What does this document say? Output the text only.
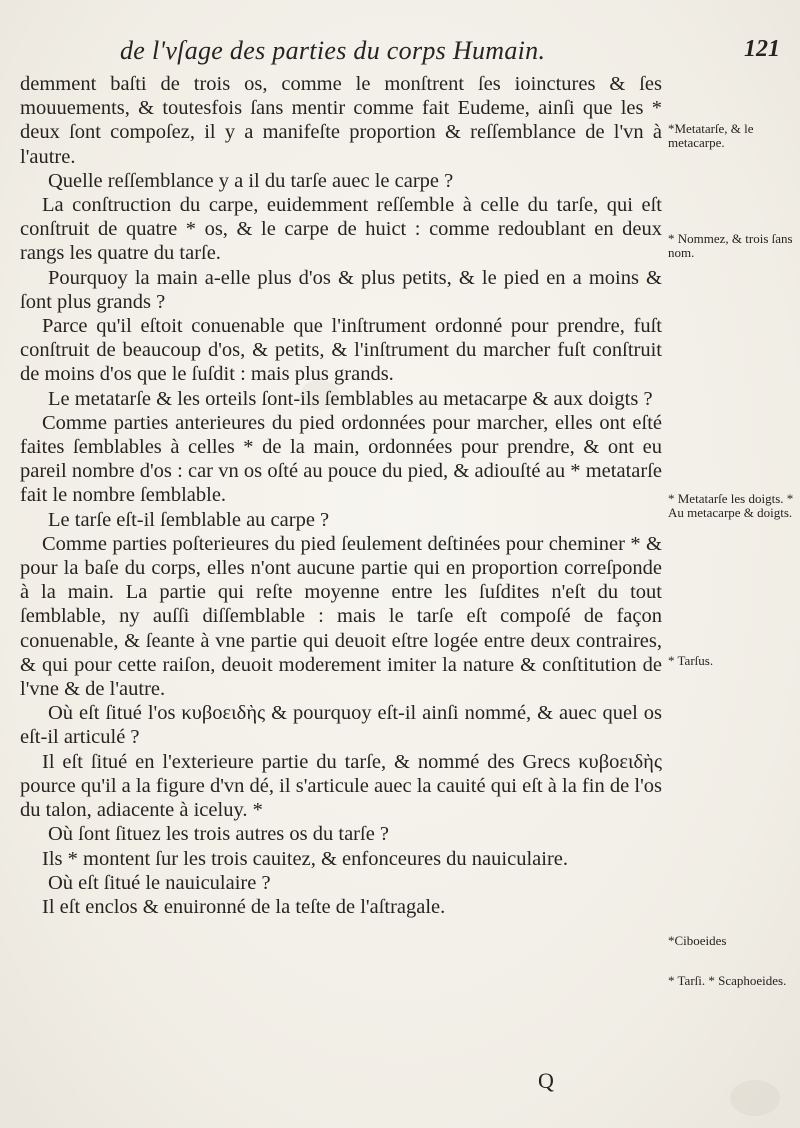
de l'vſage des parties du corps Humain.	121

demment baſti de trois os, comme le monſtrent ſes ioinctures & ſes mouuements, & toutesfois ſans mentir comme fait Eudeme, ainſi que les * deux ſont compoſez, il y a manifeſte proportion & reſſemblance de l'vn à l'autre.

Quelle reſſemblance y a il du tarſe auec le carpe ?

La conſtruction du carpe, euidemment reſſemble à celle du tarſe, qui eſt conſtruit de quatre * os, & le carpe de huict : comme redoublant en deux rangs les quatre du tarſe.

Pourquoy la main a-elle plus d'os & plus petits, & le pied en a moins & ſont plus grands ?

Parce qu'il eſtoit conuenable que l'inſtrument ordonné pour prendre, fuſt conſtruit de beaucoup d'os, & petits, & l'inſtrument du marcher fuſt conſtruit de moins d'os que le ſuſdit : mais plus grands.

Le metatarſe & les orteils ſont-ils ſemblables au metacarpe & aux doigts ?

Comme parties anterieures du pied ordonnées pour marcher, elles ont eſté faites ſemblables à celles * de la main, ordonnées pour prendre, & ont eu pareil nombre d'os : car vn os oſté au pouce du pied, & adiouſté au * metatarſe fait le nombre ſemblable.

Le tarſe eſt-il ſemblable au carpe ?

Comme parties poſterieures du pied ſeulement deſtinées pour cheminer * & pour la baſe du corps, elles n'ont aucune partie qui en proportion correſponde à la main. La partie qui reſte moyenne entre les ſuſdites n'eſt du tout ſemblable, ny auſſi diſſemblable : mais le tarſe eſt compoſé de façon conuenable, & ſeante à vne partie qui deuoit eſtre logée entre deux contraires, & qui pour cette raiſon, deuoit moderement imiter la nature & conſtitution de l'vne & de l'autre.

Où eſt ſitué l'os κυβοειδὴς & pourquoy eſt-il ainſi nommé, & auec quel os eſt-il articulé ?

Il eſt ſitué en l'exterieure partie du tarſe, & nommé des Grecs κυβοειδὴς pource qu'il a la figure d'vn dé, il s'articule auec la cauité qui eſt à la fin de l'os du talon, adiacente à iceluy. *

Où ſont ſituez les trois autres os du tarſe ?

Ils * montent ſur les trois cauitez, & enfonceures du nauiculaire.

Où eſt ſitué le nauiculaire ?

Il eſt enclos & enuironné de la teſte de l'aſtragale.

*Metatarſe, & le metacarpe.
* Nommez, & trois ſans nom.
* Metatarſe les doigts. * Au metacarpe & doigts.
* Tarſus.
*Ciboeides
* Tarſi. * Scaphoeides.
Q
